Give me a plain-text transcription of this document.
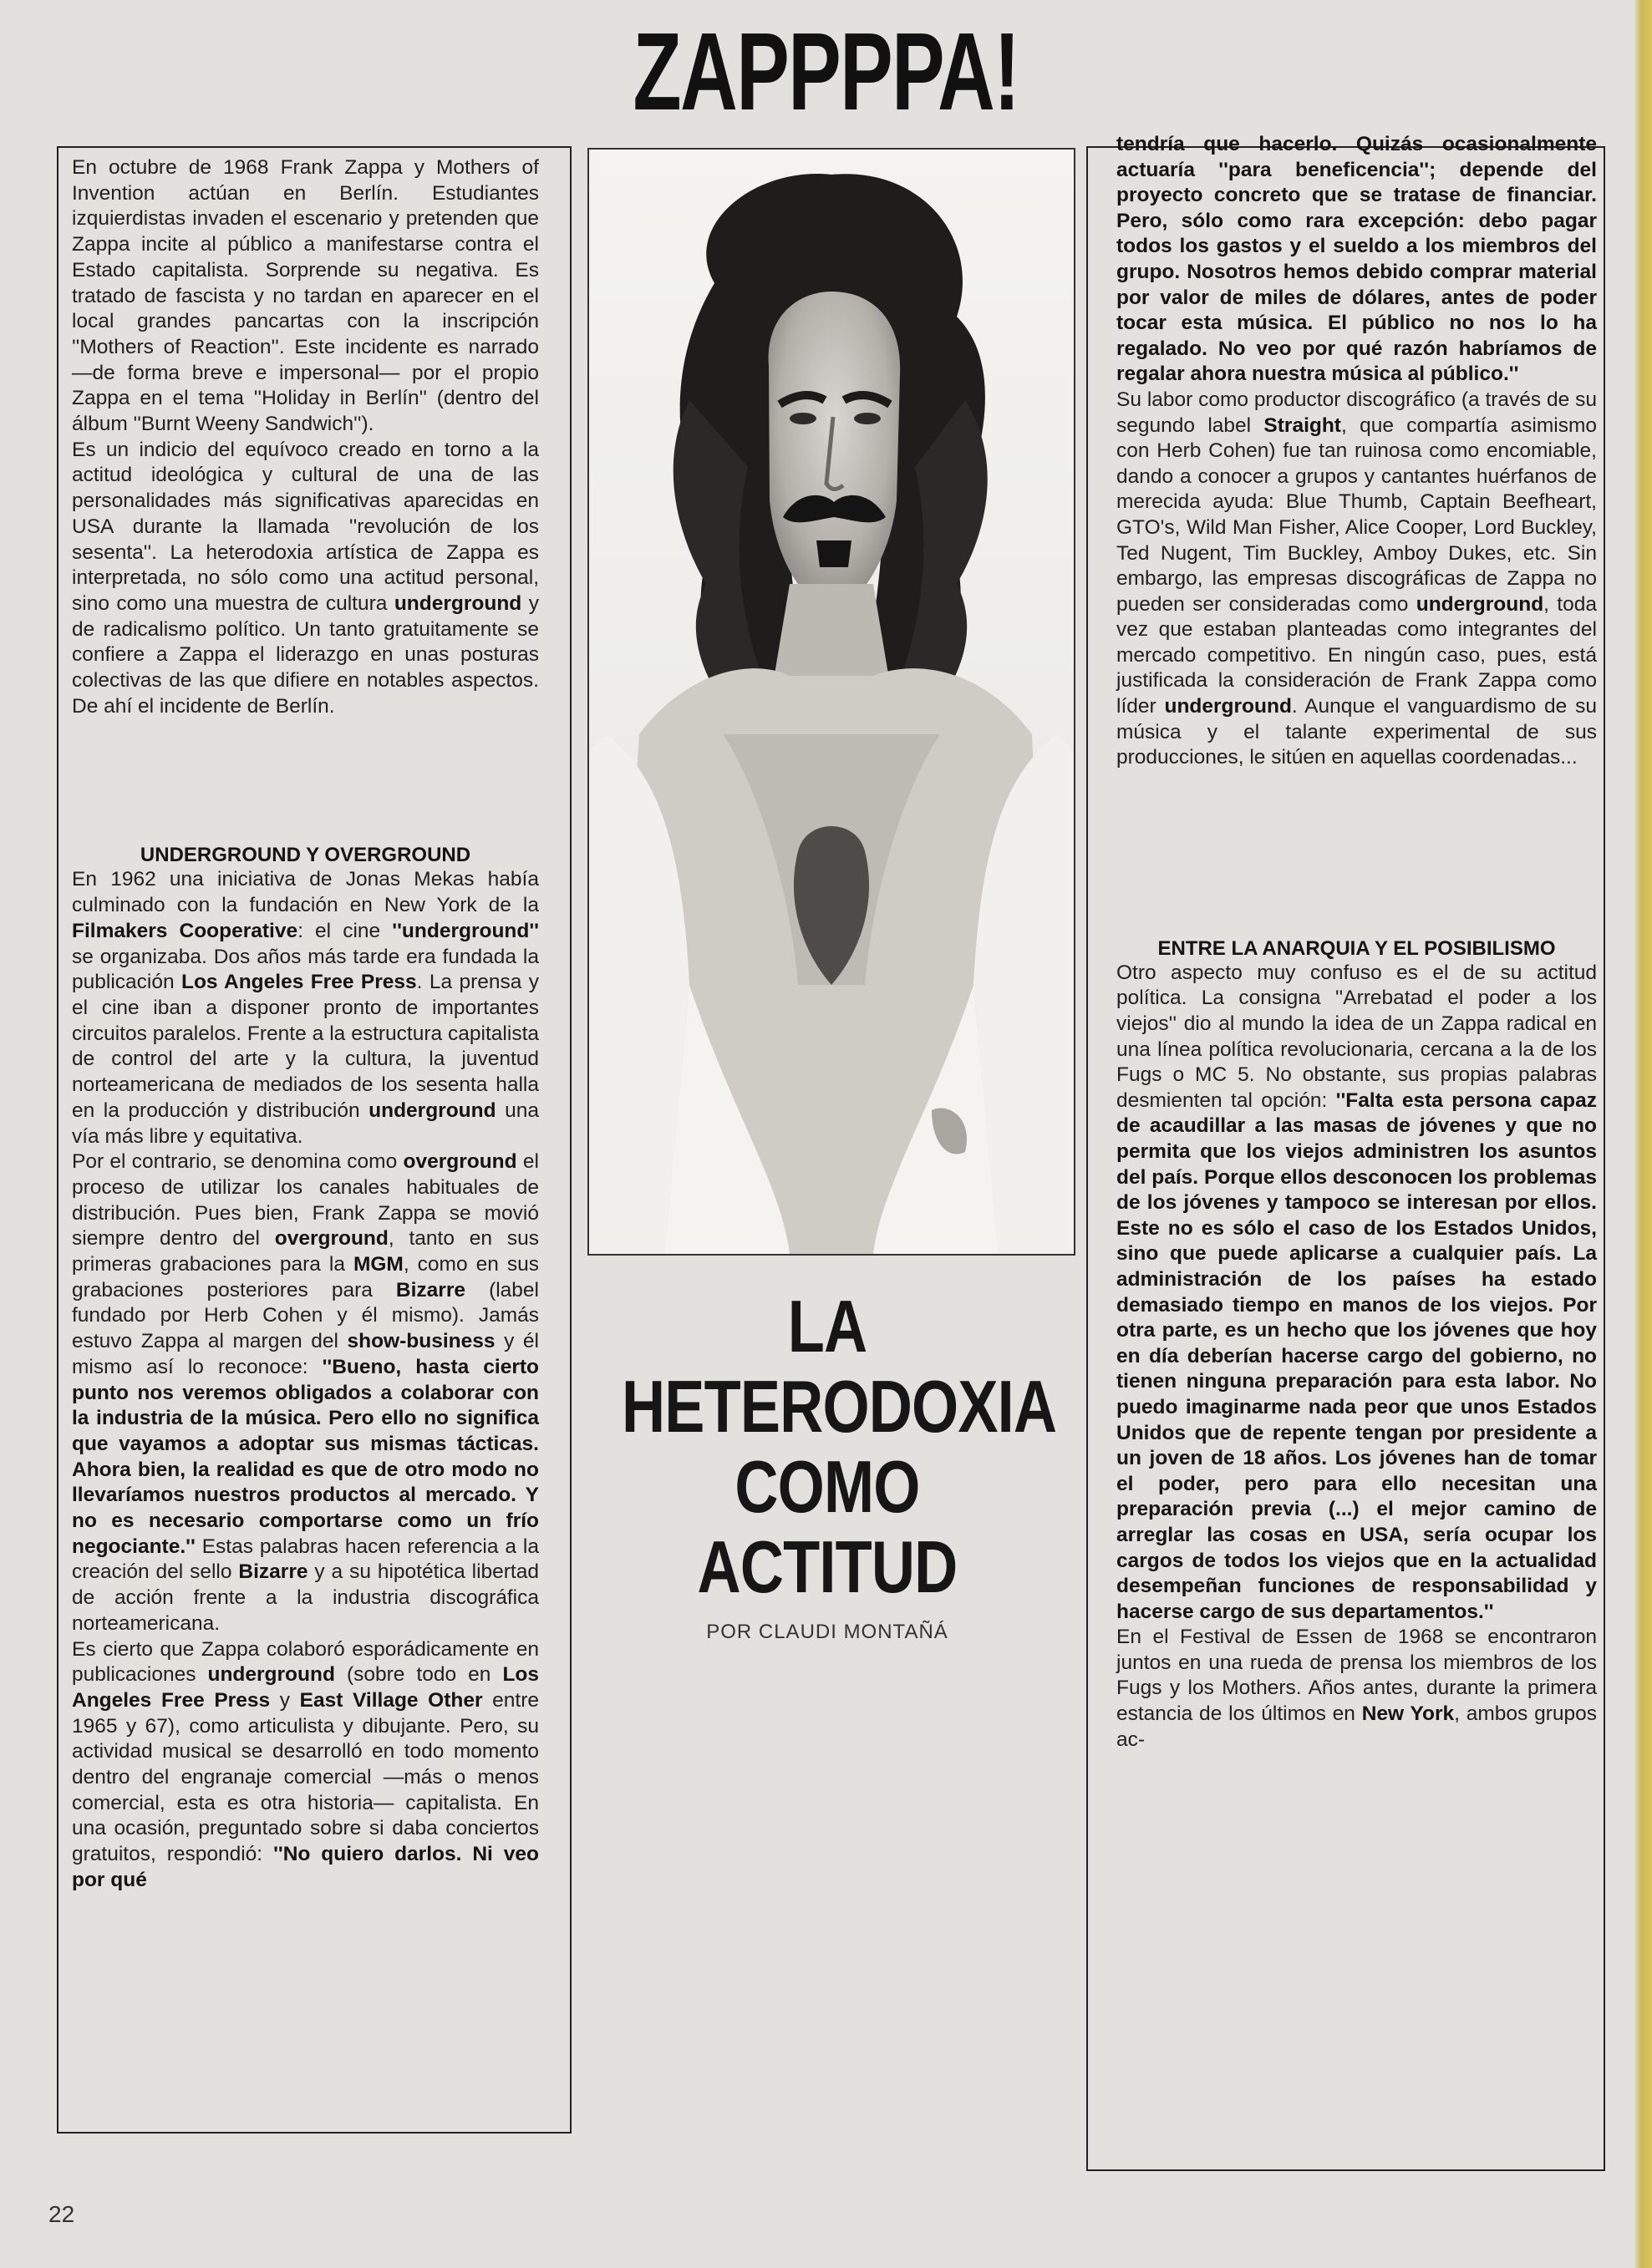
ZAPPPPA!

En octubre de 1968 Frank Zappa y Mothers of Invention actúan en Berlín. Estudiantes izquierdistas invaden el escenario y pretenden que Zappa incite al público a manifestarse contra el Estado capitalista. Sorprende su negativa. Es tratado de fascista y no tardan en aparecer en el local grandes pancartas con la inscripción ''Mothers of Reaction''. Este incidente es narrado —de forma breve e impersonal— por el propio Zappa en el tema ''Holiday in Berlín'' (dentro del álbum ''Burnt Weeny Sandwich'').

Es un indicio del equívoco creado en torno a la actitud ideológica y cultural de una de las personalidades más significativas aparecidas en USA durante la llamada ''revolución de los sesenta''. La heterodoxia artística de Zappa es interpretada, no sólo como una actitud personal, sino como una muestra de cultura underground y de radicalismo político. Un tanto gratuitamente se confiere a Zappa el liderazgo en unas posturas colectivas de las que difiere en notables aspectos. De ahí el incidente de Berlín.

UNDERGROUND Y OVERGROUND

En 1962 una iniciativa de Jonas Mekas había culminado con la fundación en New York de la Filmakers Cooperative: el cine ''underground'' se organizaba. Dos años más tarde era fundada la publicación Los Angeles Free Press. La prensa y el cine iban a disponer pronto de importantes circuitos paralelos. Frente a la estructura capitalista de control del arte y la cultura, la juventud norteamericana de mediados de los sesenta halla en la producción y distribución underground una vía más libre y equitativa.

Por el contrario, se denomina como overground el proceso de utilizar los canales habituales de distribución. Pues bien, Frank Zappa se movió siempre dentro del overground, tanto en sus primeras grabaciones para la MGM, como en sus grabaciones posteriores para Bizarre (label fundado por Herb Cohen y él mismo). Jamás estuvo Zappa al margen del show-business y él mismo así lo reconoce: ''Bueno, hasta cierto punto nos veremos obligados a colaborar con la industria de la música. Pero ello no significa que vayamos a adoptar sus mismas tácticas. Ahora bien, la realidad es que de otro modo no llevaríamos nuestros productos al mercado. Y no es necesario comportarse como un frío negociante.'' Estas palabras hacen referencia a la creación del sello Bizarre y a su hipotética libertad de acción frente a la industria discográfica norteamericana.

Es cierto que Zappa colaboró esporádicamente en publicaciones underground (sobre todo en Los Angeles Free Press y East Village Other entre 1965 y 67), como articulista y dibujante. Pero, su actividad musical se desarrolló en todo momento dentro del engranaje comercial —más o menos comercial, esta es otra historia— capitalista. En una ocasión, preguntado sobre si daba conciertos gratuitos, respondió: ''No quiero darlos. Ni veo por qué

LA
HETERODOXIA
COMO
ACTITUD
POR CLAUDI MONTAÑÁ

tendría que hacerlo. Quizás ocasionalmente actuaría ''para beneficencia''; depende del proyecto concreto que se tratase de financiar. Pero, sólo como rara excepción: debo pagar todos los gastos y el sueldo a los miembros del grupo. Nosotros hemos debido comprar material por valor de miles de dólares, antes de poder tocar esta música. El público no nos lo ha regalado. No veo por qué razón habríamos de regalar ahora nuestra música al público.''

Su labor como productor discográfico (a través de su segundo label Straight, que compartía asimismo con Herb Cohen) fue tan ruinosa como encomiable, dando a conocer a grupos y cantantes huérfanos de merecida ayuda: Blue Thumb, Captain Beefheart, GTO's, Wild Man Fisher, Alice Cooper, Lord Buckley, Ted Nugent, Tim Buckley, Amboy Dukes, etc. Sin embargo, las empresas discográficas de Zappa no pueden ser consideradas como underground, toda vez que estaban planteadas como integrantes del mercado competitivo. En ningún caso, pues, está justificada la consideración de Frank Zappa como líder underground. Aunque el vanguardismo de su música y el talante experimental de sus producciones, le sitúen en aquellas coordenadas...

ENTRE LA ANARQUIA Y EL POSIBILISMO

Otro aspecto muy confuso es el de su actitud política. La consigna ''Arrebatad el poder a los viejos'' dio al mundo la idea de un Zappa radical en una línea política revolucionaria, cercana a la de los Fugs o MC 5. No obstante, sus propias palabras desmienten tal opción: ''Falta esta persona capaz de acaudillar a las masas de jóvenes y que no permita que los viejos administren los asuntos del país. Porque ellos desconocen los problemas de los jóvenes y tampoco se interesan por ellos. Este no es sólo el caso de los Estados Unidos, sino que puede aplicarse a cualquier país. La administración de los países ha estado demasiado tiempo en manos de los viejos. Por otra parte, es un hecho que los jóvenes que hoy en día deberían hacerse cargo del gobierno, no tienen ninguna preparación para esta labor. No puedo imaginarme nada peor que unos Estados Unidos que de repente tengan por presidente a un joven de 18 años. Los jóvenes han de tomar el poder, pero para ello necesitan una preparación previa (...) el mejor camino de arreglar las cosas en USA, sería ocupar los cargos de todos los viejos que en la actualidad desempeñan funciones de responsabilidad y hacerse cargo de sus departamentos.''

En el Festival de Essen de 1968 se encontraron juntos en una rueda de prensa los miembros de los Fugs y los Mothers. Años antes, durante la primera estancia de los últimos en New York, ambos grupos ac-

22
